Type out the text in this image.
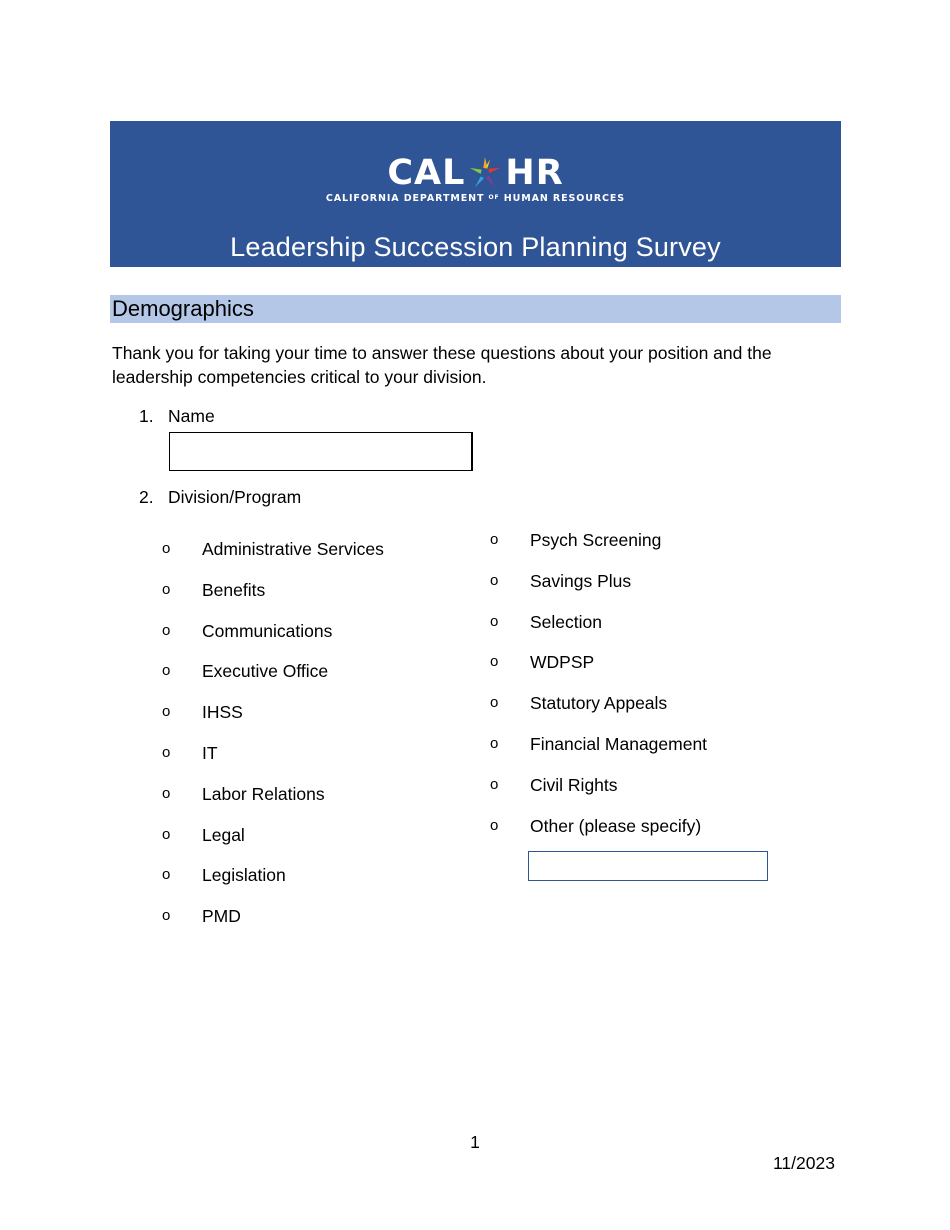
CAL HR
CALIFORNIA DEPARTMENT $^{OF}$ HUMAN RESOURCES
Leadership Succession Planning Survey
Demographics
Thank you for taking your time to answer these questions about your position and the leadership competencies critical to your division.
1. Name
2. Division/Program
o Administrative Services
o Benefits
o Communications
o Executive Office
o IHSS
o IT
o Labor Relations
o Legal
o Legislation
o PMD
o Psych Screening
o Savings Plus
o Selection
o WDPSP
o Statutory Appeals
o Financial Management
o Civil Rights
o Other (please specify)
1
11/2023
